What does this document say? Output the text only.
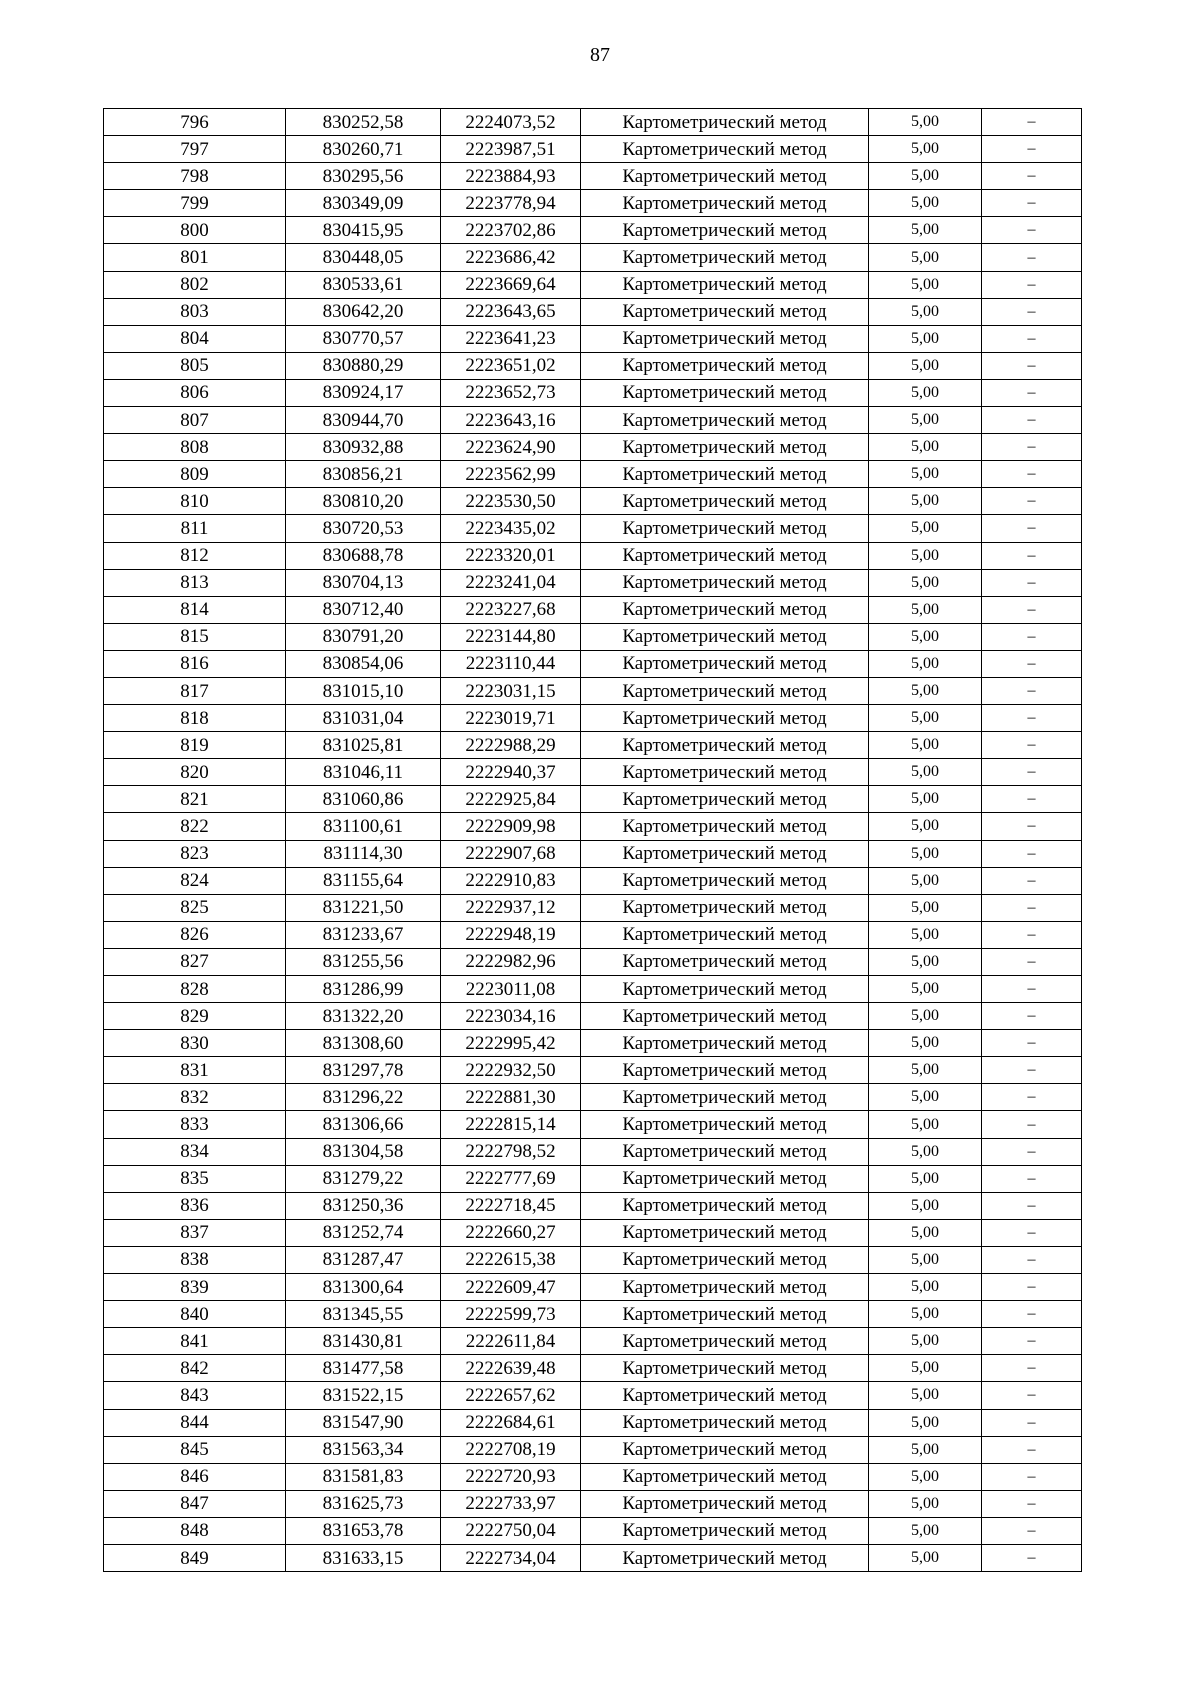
87
796	830252,58	2224073,52	Картометрический метод	5,00	–
797	830260,71	2223987,51	Картометрический метод	5,00	–
798	830295,56	2223884,93	Картометрический метод	5,00	–
799	830349,09	2223778,94	Картометрический метод	5,00	–
800	830415,95	2223702,86	Картометрический метод	5,00	–
801	830448,05	2223686,42	Картометрический метод	5,00	–
802	830533,61	2223669,64	Картометрический метод	5,00	–
803	830642,20	2223643,65	Картометрический метод	5,00	–
804	830770,57	2223641,23	Картометрический метод	5,00	–
805	830880,29	2223651,02	Картометрический метод	5,00	–
806	830924,17	2223652,73	Картометрический метод	5,00	–
807	830944,70	2223643,16	Картометрический метод	5,00	–
808	830932,88	2223624,90	Картометрический метод	5,00	–
809	830856,21	2223562,99	Картометрический метод	5,00	–
810	830810,20	2223530,50	Картометрический метод	5,00	–
811	830720,53	2223435,02	Картометрический метод	5,00	–
812	830688,78	2223320,01	Картометрический метод	5,00	–
813	830704,13	2223241,04	Картометрический метод	5,00	–
814	830712,40	2223227,68	Картометрический метод	5,00	–
815	830791,20	2223144,80	Картометрический метод	5,00	–
816	830854,06	2223110,44	Картометрический метод	5,00	–
817	831015,10	2223031,15	Картометрический метод	5,00	–
818	831031,04	2223019,71	Картометрический метод	5,00	–
819	831025,81	2222988,29	Картометрический метод	5,00	–
820	831046,11	2222940,37	Картометрический метод	5,00	–
821	831060,86	2222925,84	Картометрический метод	5,00	–
822	831100,61	2222909,98	Картометрический метод	5,00	–
823	831114,30	2222907,68	Картометрический метод	5,00	–
824	831155,64	2222910,83	Картометрический метод	5,00	–
825	831221,50	2222937,12	Картометрический метод	5,00	–
826	831233,67	2222948,19	Картометрический метод	5,00	–
827	831255,56	2222982,96	Картометрический метод	5,00	–
828	831286,99	2223011,08	Картометрический метод	5,00	–
829	831322,20	2223034,16	Картометрический метод	5,00	–
830	831308,60	2222995,42	Картометрический метод	5,00	–
831	831297,78	2222932,50	Картометрический метод	5,00	–
832	831296,22	2222881,30	Картометрический метод	5,00	–
833	831306,66	2222815,14	Картометрический метод	5,00	–
834	831304,58	2222798,52	Картометрический метод	5,00	–
835	831279,22	2222777,69	Картометрический метод	5,00	–
836	831250,36	2222718,45	Картометрический метод	5,00	–
837	831252,74	2222660,27	Картометрический метод	5,00	–
838	831287,47	2222615,38	Картометрический метод	5,00	–
839	831300,64	2222609,47	Картометрический метод	5,00	–
840	831345,55	2222599,73	Картометрический метод	5,00	–
841	831430,81	2222611,84	Картометрический метод	5,00	–
842	831477,58	2222639,48	Картометрический метод	5,00	–
843	831522,15	2222657,62	Картометрический метод	5,00	–
844	831547,90	2222684,61	Картометрический метод	5,00	–
845	831563,34	2222708,19	Картометрический метод	5,00	–
846	831581,83	2222720,93	Картометрический метод	5,00	–
847	831625,73	2222733,97	Картометрический метод	5,00	–
848	831653,78	2222750,04	Картометрический метод	5,00	–
849	831633,15	2222734,04	Картометрический метод	5,00	–
